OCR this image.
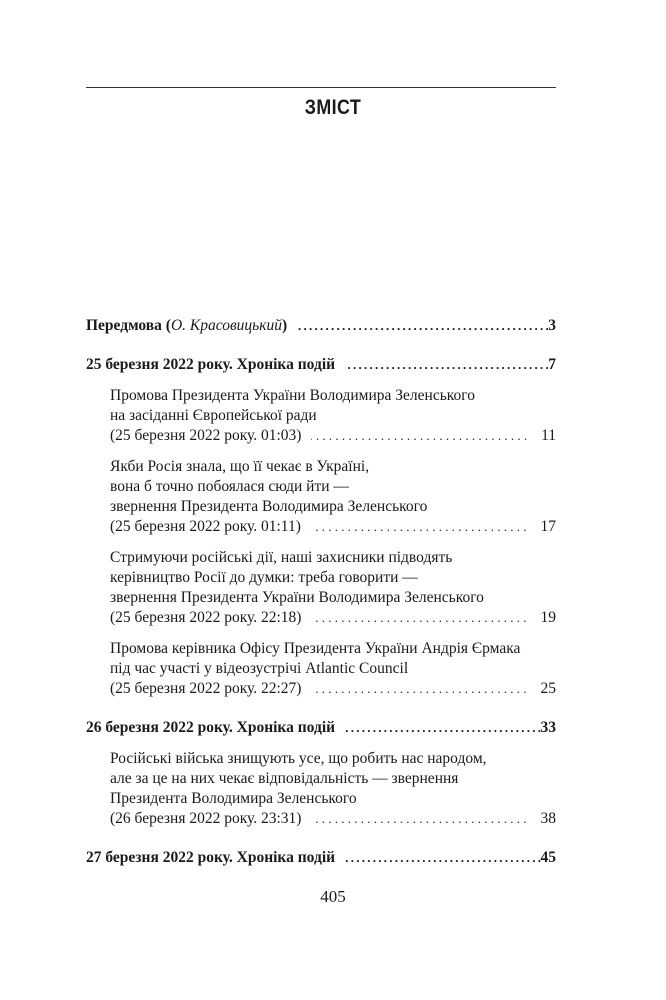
ЗМІСТ
Передмова (О. Красовицький) . . .	3
25 березня 2022 року. Хроніка подій . . .	7
Промова Президента України Володимира Зеленського
на засіданні Європейської ради
(25 березня 2022 року. 01:03) . . .	11
Якби Росія знала, що її чекає в Україні,
вона б точно побоялася сюди йти —
звернення Президента Володимира Зеленського
(25 березня 2022 року. 01:11) . . .	17
Стримуючи російські дії, наші захисники підводять
керівництво Росії до думки: треба говорити —
звернення Президента України Володимира Зеленського
(25 березня 2022 року. 22:18) . . .	19
Промова керівника Офісу Президента України Андрія Єрмака
під час участі у відеозустрічі Atlantic Council
(25 березня 2022 року. 22:27) . . .	25
26 березня 2022 року. Хроніка подій . . .	33
Російські війська знищують усе, що робить нас народом,
але за це на них чекає відповідальність — звернення
Президента Володимира Зеленського
(26 березня 2022 року. 23:31) . . .	38
27 березня 2022 року. Хроніка подій . . .	45
405
